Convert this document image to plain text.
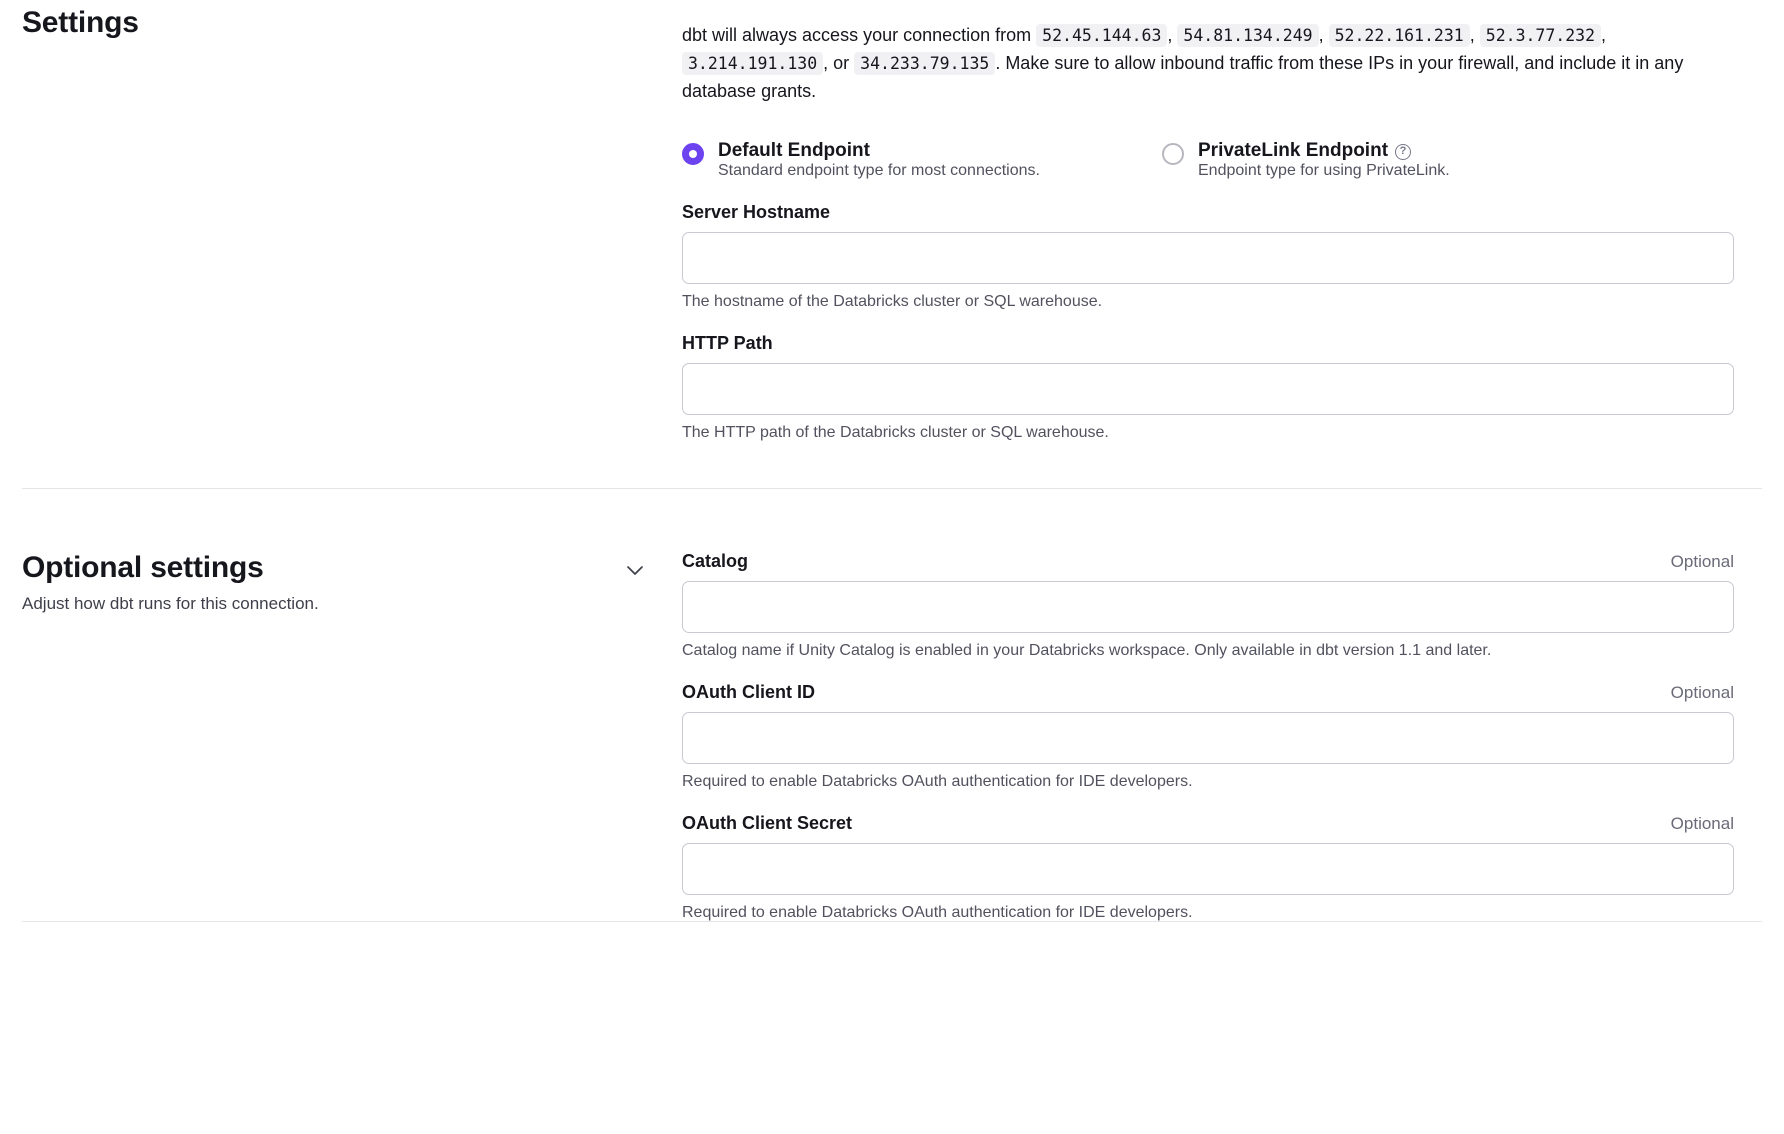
Settings	dbt will always access your connection from 52.45.144.63 , 54.81.134.249 , 52.22.161.231 , 52.3.77.232 , 3.214.191.130 , or 34.233.79.135 . Make sure to allow inbound traffic from these IPs in your firewall, and include it in any database grants.

Default Endpoint
Standard endpoint type for most connections.
PrivateLink Endpoint	?
Endpoint type for using PrivateLink.
Server Hostname
The hostname of the Databricks cluster or SQL warehouse.
HTTP Path
The HTTP path of the Databricks cluster or SQL warehouse.
Optional settings
Adjust how dbt runs for this connection.
Catalog	Optional
Catalog name if Unity Catalog is enabled in your Databricks workspace. Only available in dbt version 1.1 and later.
OAuth Client ID	Optional
Required to enable Databricks OAuth authentication for IDE developers.
OAuth Client Secret	Optional
Required to enable Databricks OAuth authentication for IDE developers.
